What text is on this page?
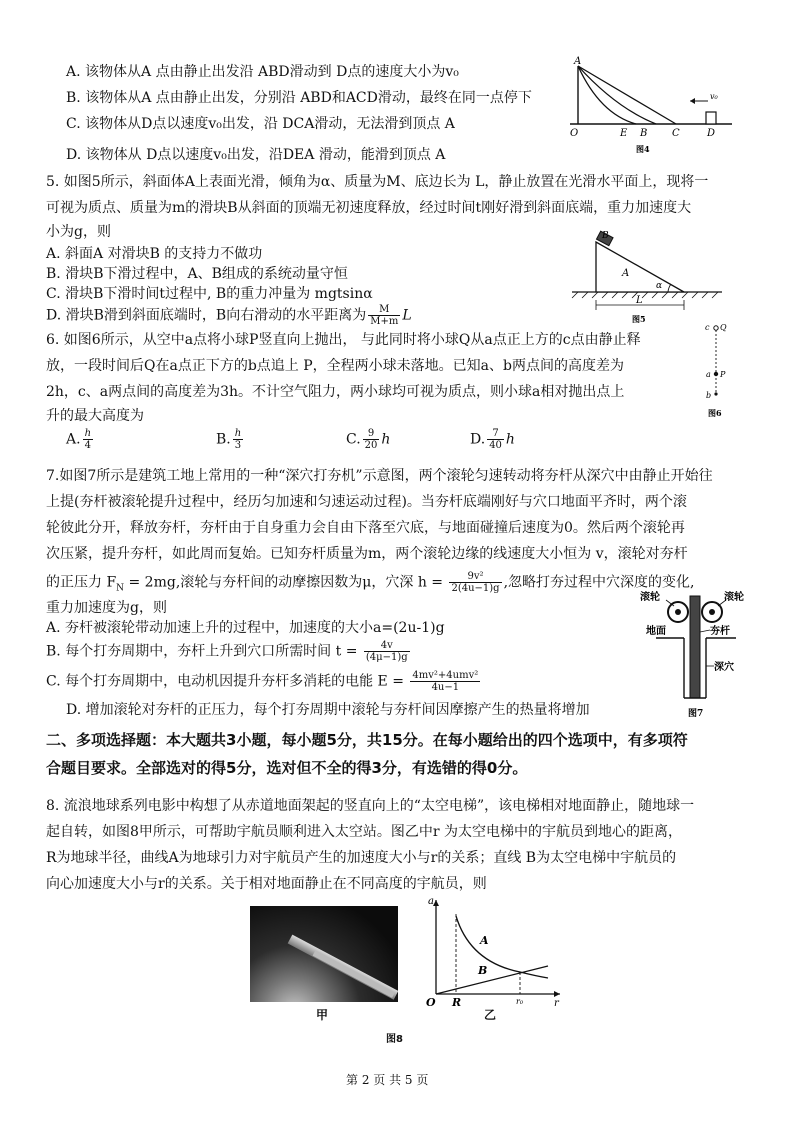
A. 该物体从A 点由静止出发沿 ABD滑动到 D点的速度大小为v₀
B. 该物体从A 点由静止出发，分别沿 ABD和ACD滑动，最终在同一点停下
C. 该物体从D点以速度v₀出发，沿 DCA滑动，无法滑到顶点 A
D. 该物体从 D点以速度v₀出发，沿DEA 滑动，能滑到顶点 A
A
O	E B C	D
v₀
图4
5. 如图5所示，斜面体A上表面光滑，倾角为α、质量为M、底边长为 L，静止放置在光滑水平面上，现将一
可视为质点、质量为m的滑块B从斜面的顶端无初速度释放，经过时间t刚好滑到斜面底端，重力加速度大
小为g，则
A. 斜面A 对滑块B 的支持力不做功
B. 滑块B下滑过程中，A、B组成的系统动量守恒
C. 滑块B下滑时间t过程中, B的重力冲量为 mgtsinα
D. 滑块B滑到斜面底端时，B向右滑动的水平距离为 $\frac{M}{M+m}$ L
B
A
α
L
图5
6. 如图6所示，从空中a点将小球P竖直向上抛出， 与此同时将小球Q从a点正上方的c点由静止释
放，一段时间后Q在a点正下方的b点追上 P，全程两小球未落地。已知a、b两点间的高度差为
2h，c、a两点间的高度差为3h。不计空气阻力，两小球均可视为质点，则小球a相对抛出点上
升的最大高度为
A. $\frac{h}{4}$	B. $\frac{h}{3}$	C. $\frac{9}{20}$ h	D. $\frac{7}{40}$ h
c Q
a P
b
图6
7.如图7所示是建筑工地上常用的一种“深穴打夯机”示意图，两个滚轮匀速转动将夯杆从深穴中由静止开始往
上提(夯杆被滚轮提升过程中，经历匀加速和匀速运动过程)。当夯杆底端刚好与穴口地面平齐时，两个滚
轮彼此分开，释放夯杆，夯杆由于自身重力会自由下落至穴底，与地面碰撞后速度为0。然后两个滚轮再
次压紧，提升夯杆，如此周而复始。已知夯杆质量为m，两个滚轮边缘的线速度大小恒为 v，滚轮对夯杆
的正压力 $F_N = 2mg$,滚轮与夯杆间的动摩擦因数为μ，穴深 $h = \frac{\text{9v²}}{2(4u-1)g}$ ,忽略打夯过程中穴深度的变化,
重力加速度为g，则
A. 夯杆被滚轮带动加速上升的过程中，加速度的大小a=(2u-1)g
B. 每个打夯周期中，夯杆上升到穴口所需时间 $t = \frac{4v}{(4\mu-1)g}$
C. 每个打夯周期中，电动机因提升夯杆多消耗的电能 $E = \frac{\text{4mv²+4umv²}}{4u-1}$
D. 增加滚轮对夯杆的正压力，每个打夯周期中滚轮与夯杆间因摩擦产生的热量将增加
滚轮	滚轮
地面	夯杆
深穴
图7
二、多项选择题：本大题共3小题，每小题5分，共15分。在每小题给出的四个选项中，有多项符
合题目要求。全部选对的得5分，选对但不全的得3分，有选错的得0分。
8. 流浪地球系列电影中构想了从赤道地面架起的竖直向上的“太空电梯”，该电梯相对地面静止，随地球一
起自转，如图8甲所示，可帮助宇航员顺利进入太空站。图乙中r 为太空电梯中的宇航员到地心的距离，
R为地球半径，曲线A为地球引力对宇航员产生的加速度大小与r的关系；直线 B为太空电梯中宇航员的
向心加速度大小与r的关系。关于相对地面静止在不同高度的宇航员，则
甲
a
O R	r₀	r
A
B
乙
图8
第 2 页 共 5 页
